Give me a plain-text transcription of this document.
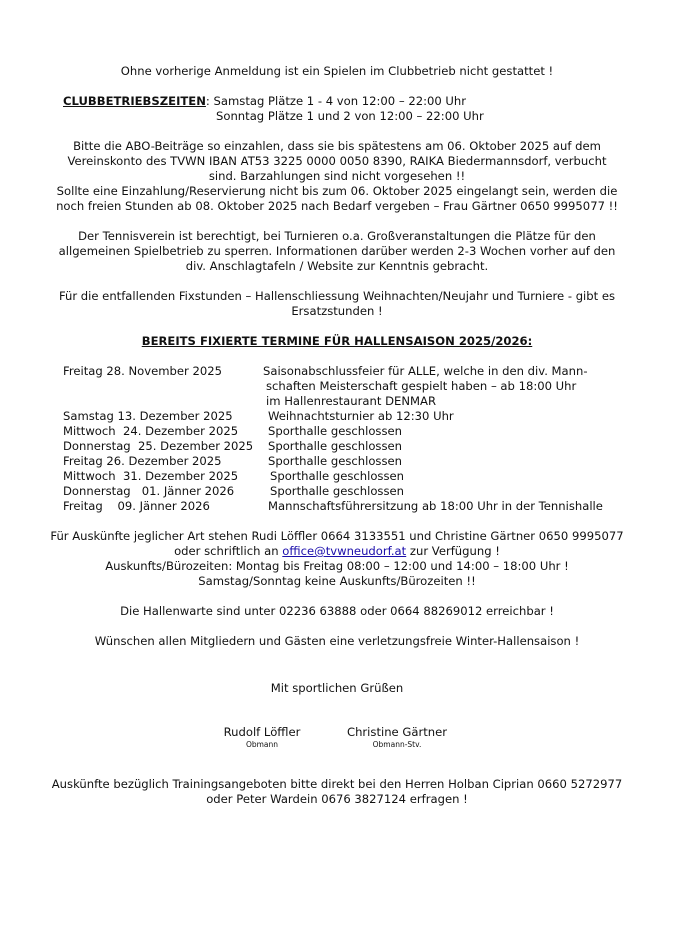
Ohne vorherige Anmeldung ist ein Spielen im Clubbetrieb nicht gestattet !
CLUBBETRIEBSZEITEN: Samstag Plätze 1 - 4 von 12:00 – 22:00 Uhr
Sonntag Plätze 1 und 2 von 12:00 – 22:00 Uhr
Bitte die ABO-Beiträge so einzahlen, dass sie bis spätestens am 06. Oktober 2025 auf dem
Vereinskonto des TVWN IBAN AT53 3225 0000 0050 8390, RAIKA Biedermannsdorf, verbucht
sind. Barzahlungen sind nicht vorgesehen !!
Sollte eine Einzahlung/Reservierung nicht bis zum 06. Oktober 2025 eingelangt sein, werden die
noch freien Stunden ab 08. Oktober 2025 nach Bedarf vergeben – Frau Gärtner 0650 9995077 !!
Der Tennisverein ist berechtigt, bei Turnieren o.a. Großveranstaltungen die Plätze für den
allgemeinen Spielbetrieb zu sperren. Informationen darüber werden 2-3 Wochen vorher auf den
div. Anschlagtafeln / Website zur Kenntnis gebracht.
Für die entfallenden Fixstunden – Hallenschliessung Weihnachten/Neujahr und Turniere - gibt es
Ersatzstunden !
BEREITS FIXIERTE TERMINE FÜR HALLENSAISON 2025/2026:
Freitag 28. November 2025	Saisonabschlussfeier für ALLE, welche in den div. Mann-
schaften Meisterschaft gespielt haben – ab 18:00 Uhr
im Hallenrestaurant DENMAR
Samstag 13. Dezember 2025	Weihnachtsturnier ab 12:30 Uhr
Mittwoch  24. Dezember 2025	Sporthalle geschlossen
Donnerstag  25. Dezember 2025 Sporthalle geschlossen
Freitag 26. Dezember 2025	Sporthalle geschlossen
Mittwoch  31. Dezember 2025	Sporthalle geschlossen
Donnerstag   01. Jänner 2026	Sporthalle geschlossen
Freitag    09. Jänner 2026	Mannschaftsführersitzung ab 18:00 Uhr in der Tennishalle
Für Auskünfte jeglicher Art stehen Rudi Löffler 0664 3133551 und Christine Gärtner 0650 9995077
oder schriftlich an office@tvwneudorf.at zur Verfügung !
Auskunfts/Bürozeiten: Montag bis Freitag 08:00 – 12:00 und 14:00 – 18:00 Uhr !
Samstag/Sonntag keine Auskunfts/Bürozeiten !!
Die Hallenwarte sind unter 02236 63888 oder 0664 88269012 erreichbar !
Wünschen allen Mitgliedern und Gästen eine verletzungsfreie Winter-Hallensaison !
Mit sportlichen Grüßen
Rudolf Löffler
Obmann
Christine Gärtner
Obmann-Stv.
Auskünfte bezüglich Trainingsangeboten bitte direkt bei den Herren Holban Ciprian 0660 5272977
oder Peter Wardein 0676 3827124 erfragen !
